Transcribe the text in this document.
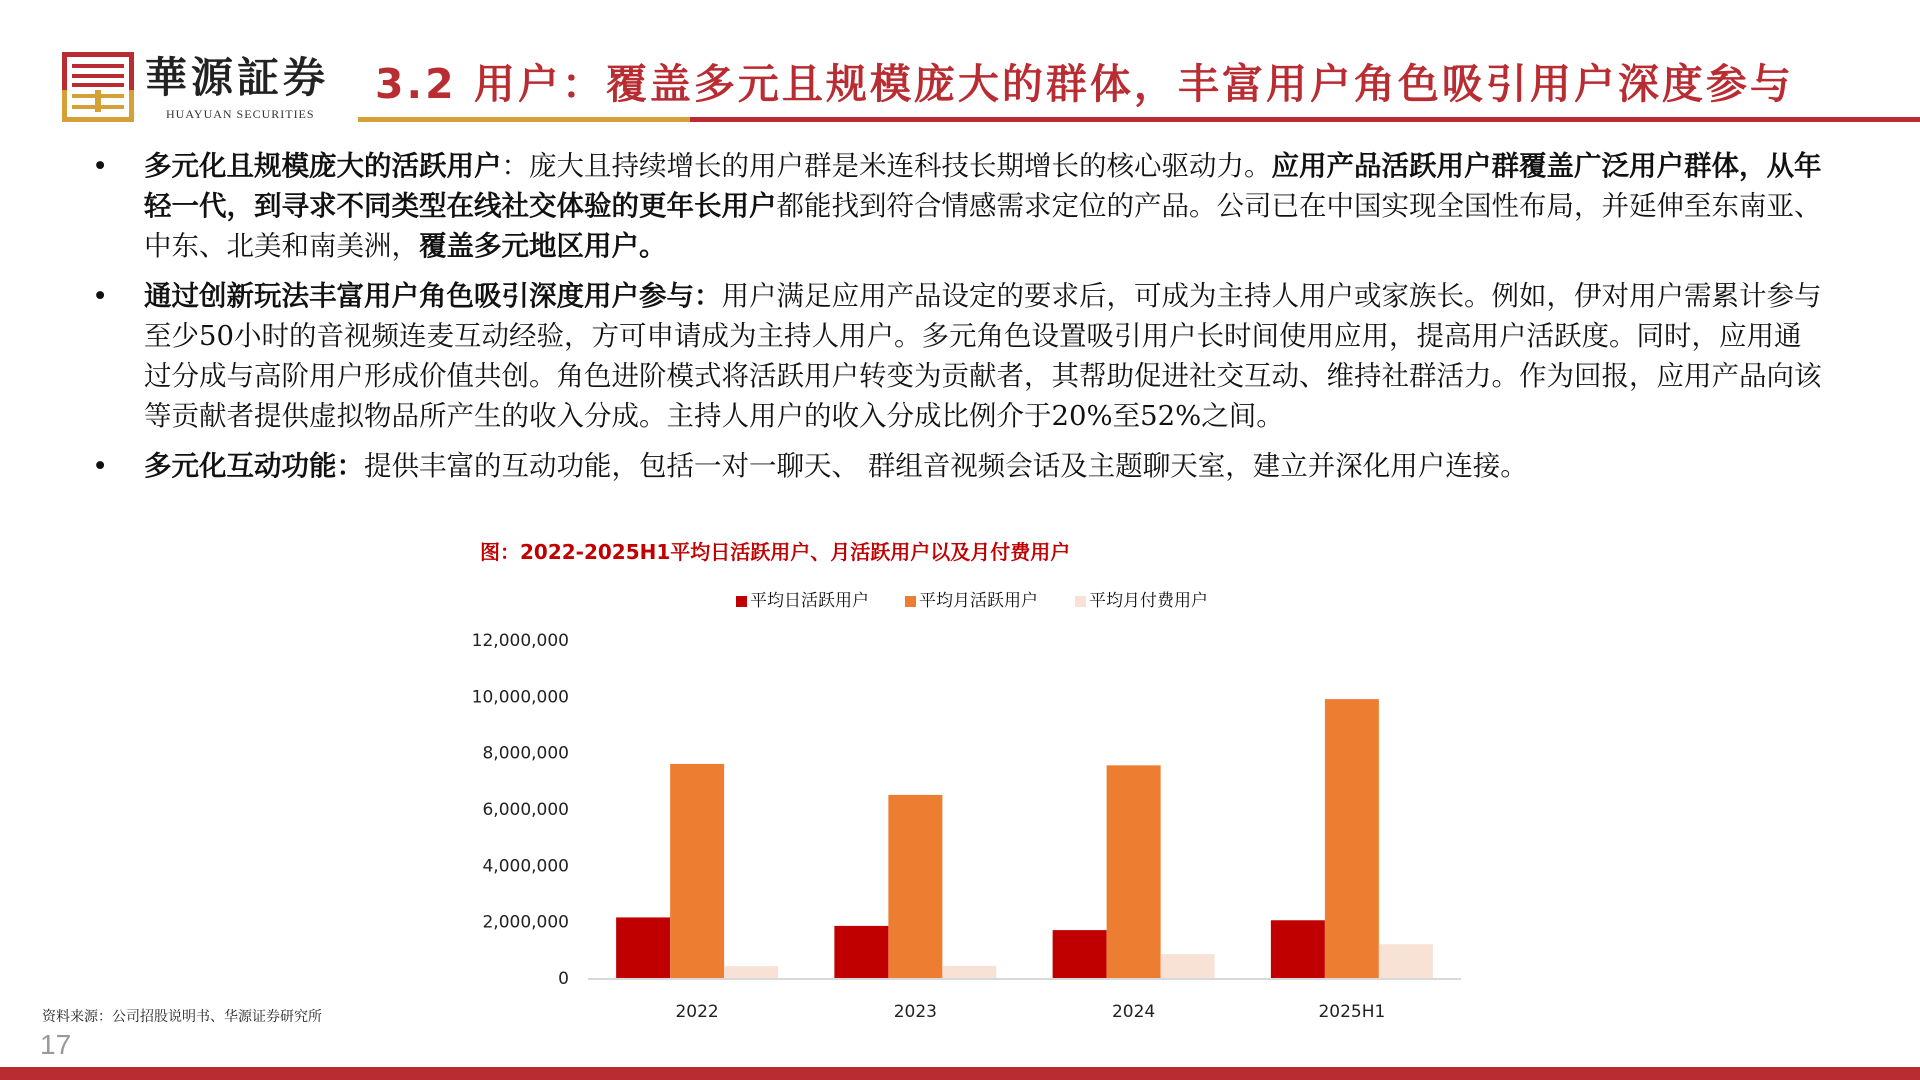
華源証券
HUAYUAN SECURITIES
3.2 用户：覆盖多元且规模庞大的群体，丰富用户角色吸引用户深度参与
• 多元化且规模庞大的活跃用户：庞大且持续增长的用户群是米连科技长期增长的核心驱动力。应用产品活跃用户群覆盖广泛用户群体，从年轻一代，到寻求不同类型在线社交体验的更年长用户都能找到符合情感需求定位的产品。公司已在中国实现全国性布局，并延伸至东南亚、中东、北美和南美洲，覆盖多元地区用户。
• 通过创新玩法丰富用户角色吸引深度用户参与：用户满足应用产品设定的要求后，可成为主持人用户或家族长。例如，伊对用户需累计参与至少50小时的音视频连麦互动经验，方可申请成为主持人用户。多元角色设置吸引用户长时间使用应用，提高用户活跃度。同时，应用通过分成与高阶用户形成价值共创。角色进阶模式将活跃用户转变为贡献者，其帮助促进社交互动、维持社群活力。作为回报，应用产品向该等贡献者提供虚拟物品所产生的收入分成。主持人用户的收入分成比例介于20%至52%之间。
• 多元化互动功能：提供丰富的互动功能，包括一对一聊天、 群组音视频会话及主题聊天室，建立并深化用户连接。
图：2022-2025H1平均日活跃用户、月活跃用户以及月付费用户
平均日活跃用户	平均月活跃用户	平均月付费用户
0
2,000,000
4,000,000
6,000,000
8,000,000
10,000,000
12,000,000
2022	2023	2024	2025H1
资料来源：公司招股说明书、华源证券研究所
17
